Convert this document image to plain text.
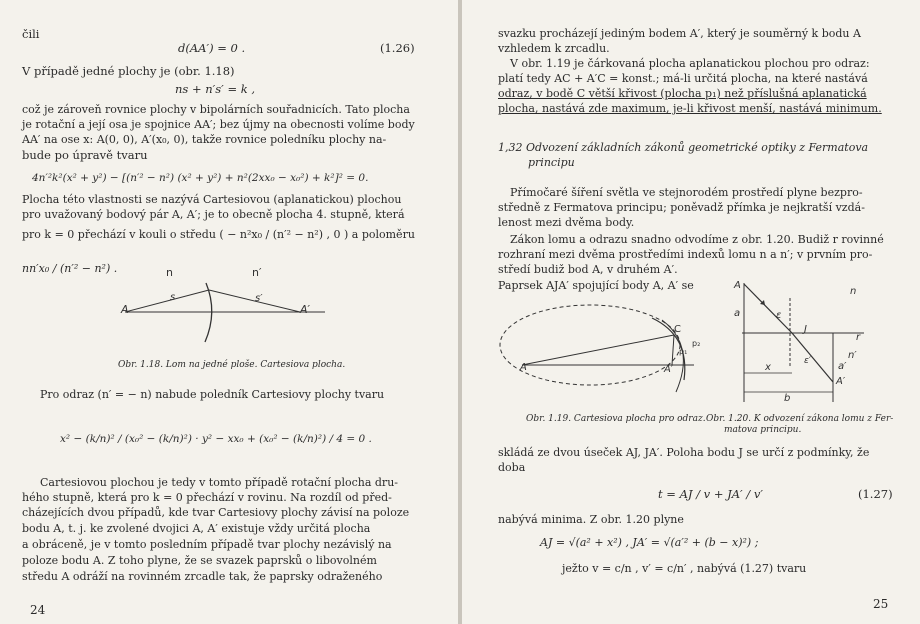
čili
d(AA′) = 0 .	(1.26)
V případě jedné plochy je (obr. 1.18)
ns + n′s′ = k ,
což je zároveň rovnice plochy v bipolárních souřadnicích. Tato plocha
je rotační a její osa je spojnice AA′; bez újmy na obecnosti volíme body
AA′ na ose x: A(0, 0), A′(x₀, 0), takže rovnice poledníku plochy na-
bude po úpravě tvaru
4n′²k²(x² + y²) − [(n′² − n²) (x² + y²) + n²(2xx₀ − x₀²) + k²]² = 0.
Plocha této vlastnosti se nazývá Cartesiovou (aplanatickou) plochou
pro uvažovaný bodový pár A, A′; je to obecně plocha 4. stupně, která
pro k = 0 přechází v kouli o středu ( − n²x₀ / (n′² − n²) , 0 ) a poloměru
nn′x₀ / (n′² − n²) .	n	n′
A
s	s′
A′
Obr. 1.18. Lom na jedné ploše. Cartesiova plocha.
Pro odraz (n′ = − n) nabude poledník Cartesiovy plochy tvaru
x² − (k/n)² / (x₀² − (k/n)²) · y² − xx₀ + (x₀² − (k/n)²) / 4 = 0 .
Cartesiovou plochou je tedy v tomto případě rotační plocha dru-
hého stupně, která pro k = 0 přechází v rovinu. Na rozdíl od před-
cházejících dvou případů, kde tvar Cartesiovy plochy závisí na poloze
bodu A, t. j. ke zvolené dvojici A, A′ existuje vždy určitá plocha
a obráceně, je v tomto posledním případě tvar plochy nezávislý na
poloze bodu A. Z toho plyne, že se svazek paprsků o libovolném
středu A odráží na rovinném zrcadle tak, že paprsky odraženého
24
svazku procházejí jediným bodem A′, který je souměrný k bodu A
vzhledem k zrcadlu.
V obr. 1.19 je čárkovaná plocha aplanatickou plochou pro odraz:
platí tedy AC + A′C = konst.; má-li určitá plocha, na které nastává
odraz, v bodě C větší křivost (plocha p₁) než příslušná aplanatická
plocha, nastává zde maximum, je-li křivost menší, nastává minimum.
1,32 Odvození základních zákonů geometrické optiky z Fermatova
principu
Přímočaré šíření světla ve stejnorodém prostředí plyne bezpro-
středně z Fermatova principu; poněvadž přímka je nejkratší vzdá-
lenost mezi dvěma body.
Zákon lomu a odrazu snadno odvodíme z obr. 1.20. Budiž r rovinné
rozhraní mezi dvěma prostředími indexů lomu n a n′; v prvním pro-
středí budiž bod A, v druhém A′.
Paprsek AJA′ spojující body A, A′ se
C
A	A′
p₁
p₂
A
n
a	ε
J
r
ε′	n′
x	a′
A′
b
Obr. 1.19. Cartesiova plocha pro odraz. Obr. 1.20. K odvození zákona lomu z Fer-
matova principu.
skládá ze dvou úseček AJ, JA′. Poloha bodu J se určí z podmínky, že
doba
t = AJ / v + JA′ / v′	(1.27)
nabývá minima. Z obr. 1.20 plyne
AJ = √(a² + x²) , JA′ = √(a′² + (b − x)²) ;
ježto v = c/n , v′ = c/n′ , nabývá (1.27) tvaru
25
